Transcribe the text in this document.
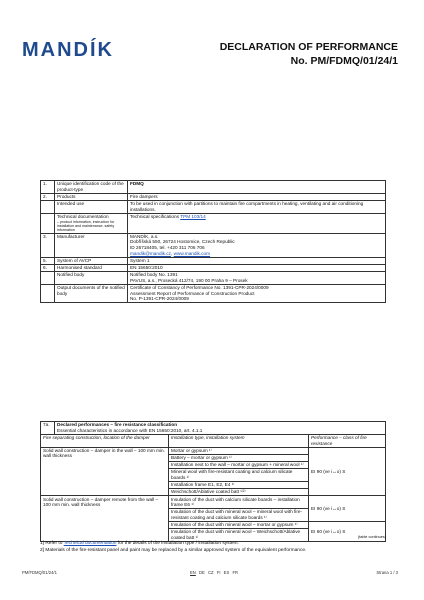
MANDÍK	DECLARATION OF PERFORMANCE
No. PM/FDMQ/01/24/1
1.	Unique identification code of the product-type	FDMQ
2.	Products	Fire dampers
	Intended use	To be used in conjunction with partitions to maintain fire compartments in heating, ventilating and air conditioning installations.
	Technical documentation
– product information, instruction for installation and maintenance, safety information	Technical specifications TPM 103/14
3.	Manufacturer	MANDÍK, a.s.
Dobříšská 550, 26724 Hostomice, Czech Republic
ID 26718405, tel. +420 311 706 706
mandik@mandik.cz, www.mandik.com

5.	System of AVCP	System 1
6.	Harmonised standard	EN 15650:2010
	Notified body	Notified body No. 1391
PAVUS, a.s., Prosecká 412/74, 190 00 Praha 9 – Prosek

	Output documents of the notified body	Certificate of Constancy of Performance No. 1391-CPR-2024/0009
Assessment Report of Performance of Construction Product
No. P-1391-CPR-2024/0009
7a.	Declared performances – fire resistance classification
Essential characteristics in accordance with EN 15650:2010, art. 4.1.1		

Fire separating construction, location of the damper		Installation type, installation system	Performance – class of fire resistance
Solid wall construction – damper in the wall – 100 mm min. wall thickness		Mortar or gypsum ¹⁾	EI 90 (ve i↔o) S
		Battery – mortar or gypsum ¹⁾	
		Installation next to the wall – mortar or gypsum + mineral wool ¹⁾	
		Mineral wool with fire-resistant coating and calcium silicate boards ¹⁾	
		Installation frame E1, E2, E4 ¹⁾	
		Weichschott/Ablative coated batt ¹⁾²⁾	
Solid wall construction – damper remote from the wall – 100 mm min. wall thickness		Insulation of the duct with calcium silicate boards – installation frame E6 ¹⁾	EI 90 (ve i↔o) S
		Insulation of the duct with mineral wool – mineral wool with fire-resistant coating and calcium silicate boards ¹⁾	
		Insulation of the duct with mineral wool – mortar or gypsum ¹⁾	EI 60 (ve i↔o) S
		Insulation of the duct with mineral wool – Weichschott/Ablative coated batt ¹⁾		(table continues)
1] Refer to Technical documentation for the details of the installation type / installation system.
2] Materials of the fire-resistant panel and paint may be replaced by a similar approved system of the equivalent performance.
PM/FDMQ/01/24/1	EN DE CZ FI ES FR	Strana 1 / 3
